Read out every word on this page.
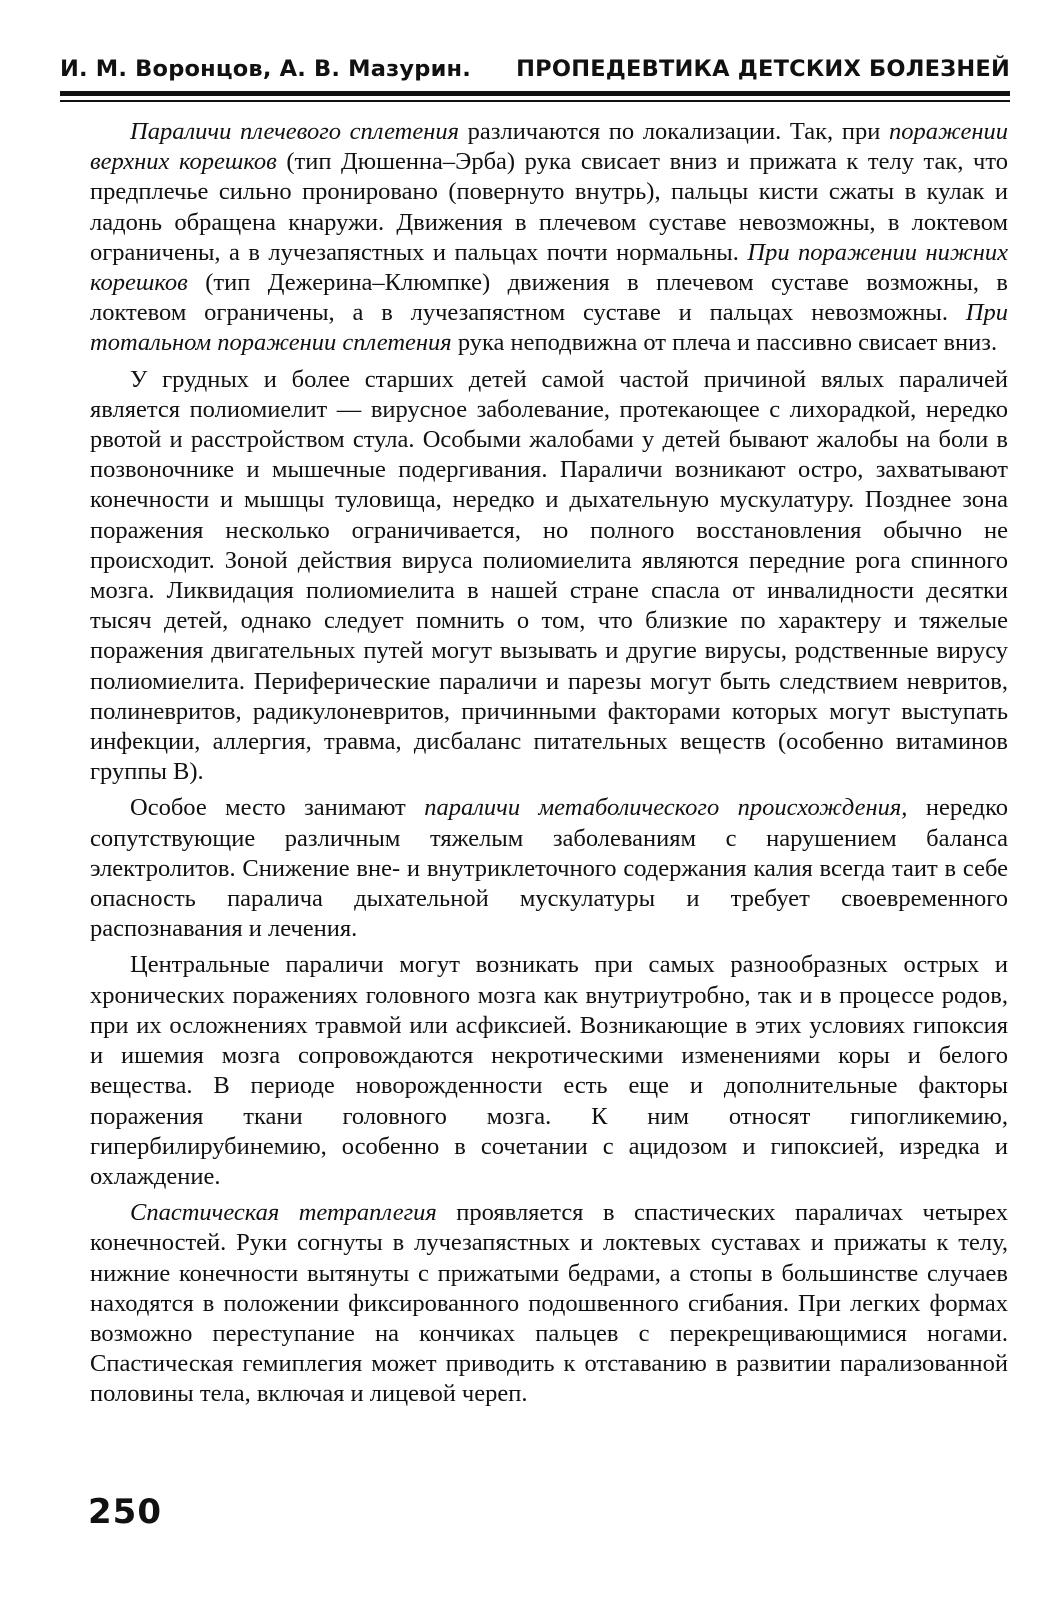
И. М. Воронцов, А. В. Мазурин. ПРОПЕДЕВТИКА ДЕТСКИХ БОЛЕЗНЕЙ

Параличи плечевого сплетения различаются по локализации. Так, при поражении верхних корешков (тип Дюшенна–Эрба) рука свисает вниз и прижата к телу так, что предплечье сильно пронировано (повернуто внутрь), пальцы кисти сжаты в кулак и ладонь обращена кнаружи. Движения в плечевом суставе невозможны, в локтевом ограничены, а в лучезапястных и пальцах почти нормальны. При поражении нижних корешков (тип Дежерина–Клюмпке) движения в плечевом суставе возможны, в локтевом ограничены, а в лучезапястном суставе и пальцах невозможны. При тотальном поражении сплетения рука неподвижна от плеча и пассивно свисает вниз.

У грудных и более старших детей самой частой причиной вялых параличей является полиомиелит — вирусное заболевание, протекающее с лихорадкой, нередко рвотой и расстройством стула. Особыми жалобами у детей бывают жалобы на боли в позвоночнике и мышечные подергивания. Параличи возникают остро, захватывают конечности и мышцы туловища, нередко и дыхательную мускулатуру. Позднее зона поражения несколько ограничивается, но полного восстановления обычно не происходит. Зоной действия вируса полиомиелита являются передние рога спинного мозга. Ликвидация полиомиелита в нашей стране спасла от инвалидности десятки тысяч детей, однако следует помнить о том, что близкие по характеру и тяжелые поражения двигательных путей могут вызывать и другие вирусы, родственные вирусу полиомиелита. Периферические параличи и парезы могут быть следствием невритов, полиневритов, радикулоневритов, причинными факторами которых могут выступать инфекции, аллергия, травма, дисбаланс питательных веществ (особенно витаминов группы В).

Особое место занимают параличи метаболического происхождения, нередко сопутствующие различным тяжелым заболеваниям с нарушением баланса электролитов. Снижение вне- и внутриклеточного содержания калия всегда таит в себе опасность паралича дыхательной мускулатуры и требует своевременного распознавания и лечения.

Центральные параличи могут возникать при самых разнообразных острых и хронических поражениях головного мозга как внутриутробно, так и в процессе родов, при их осложнениях травмой или асфиксией. Возникающие в этих условиях гипоксия и ишемия мозга сопровождаются некротическими изменениями коры и белого вещества. В периоде новорожденности есть еще и дополнительные факторы поражения ткани головного мозга. К ним относят гипогликемию, гипербилирубинемию, особенно в сочетании с ацидозом и гипоксией, изредка и охлаждение.

Спастическая тетраплегия проявляется в спастических параличах четырех конечностей. Руки согнуты в лучезапястных и локтевых суставах и прижаты к телу, нижние конечности вытянуты с прижатыми бедрами, а стопы в большинстве случаев находятся в положении фиксированного подошвенного сгибания. При легких формах возможно переступание на кончиках пальцев с перекрещивающимися ногами. Спастическая гемиплегия может приводить к отставанию в развитии парализованной половины тела, включая и лицевой череп.

250
